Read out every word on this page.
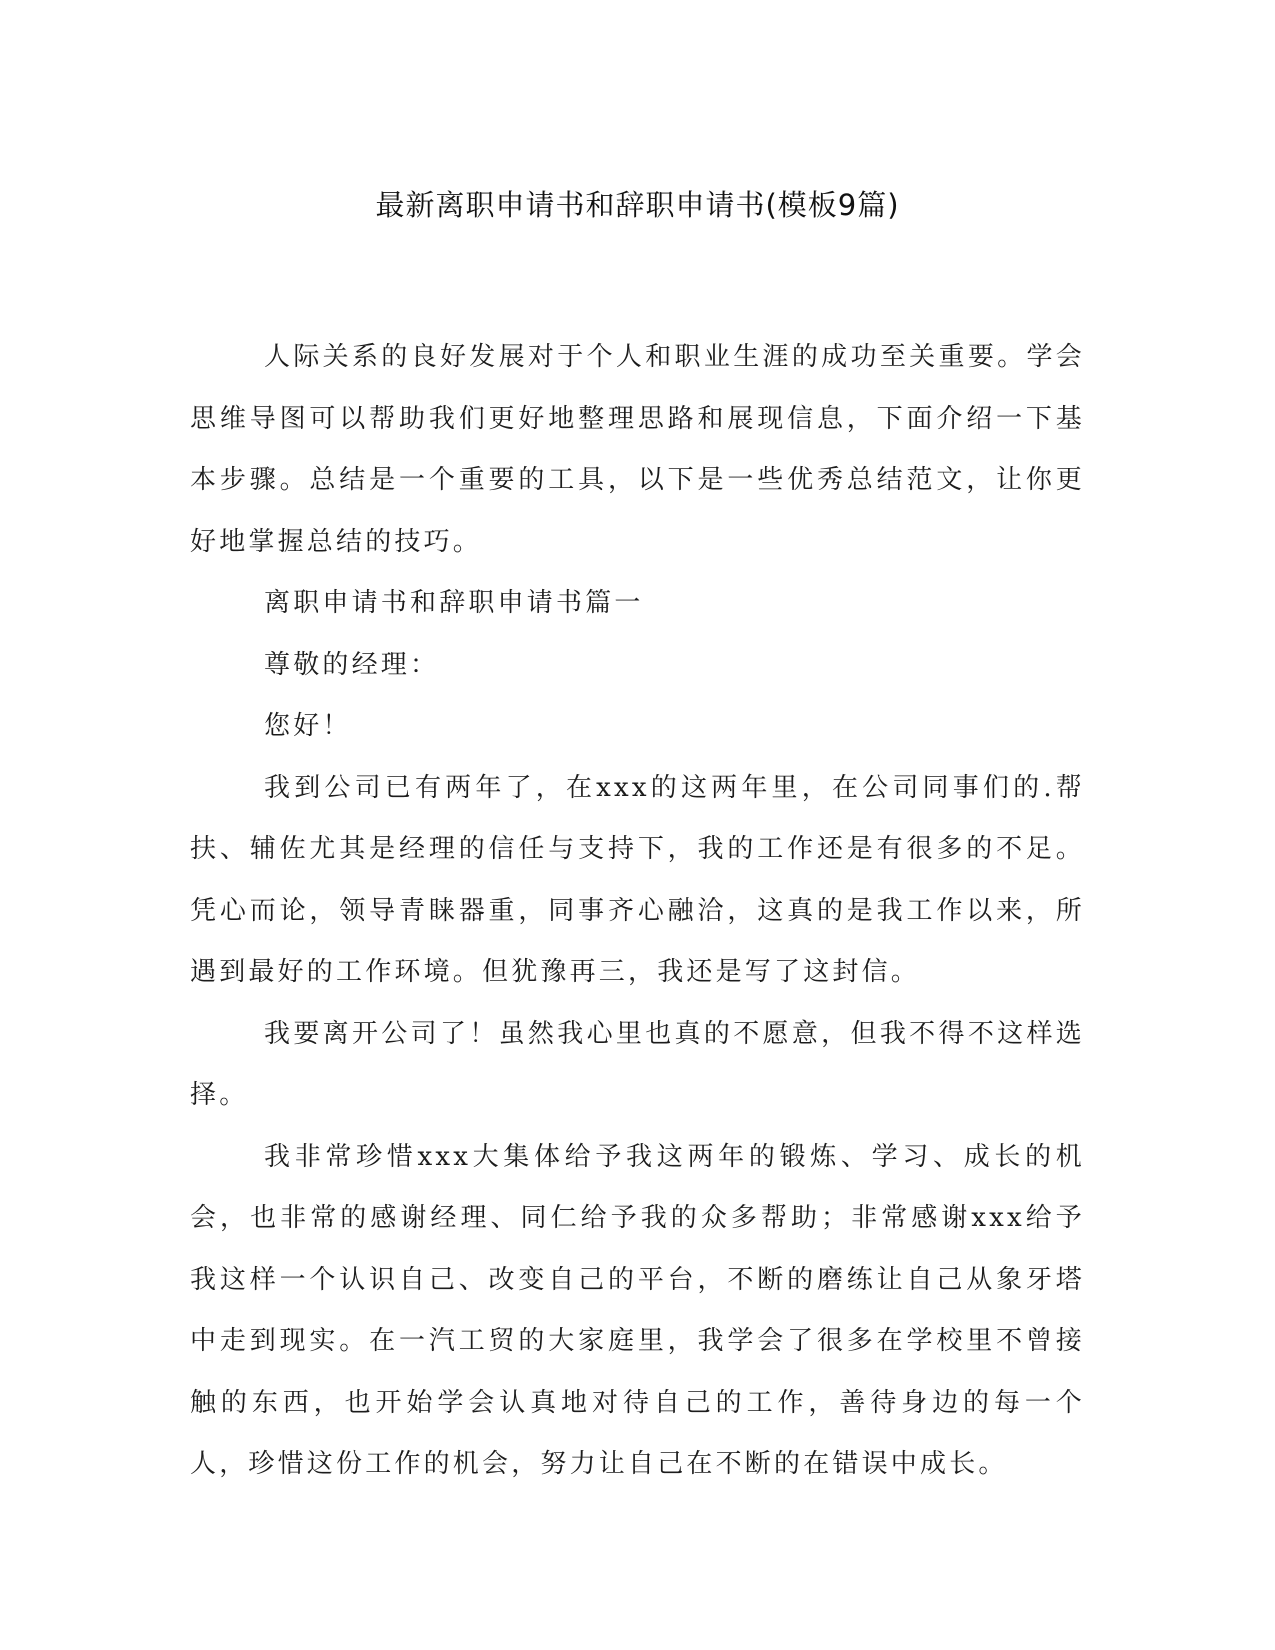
最新离职申请书和辞职申请书(模板9篇)

人际关系的良好发展对于个人和职业生涯的成功至关重要。学会思维导图可以帮助我们更好地整理思路和展现信息，下面介绍一下基本步骤。总结是一个重要的工具，以下是一些优秀总结范文，让你更好地掌握总结的技巧。

离职申请书和辞职申请书篇一

尊敬的经理：

您好！

我到公司已有两年了，在xxx的这两年里，在公司同事们的.帮扶、辅佐尤其是经理的信任与支持下，我的工作还是有很多的不足。凭心而论，领导青睐器重，同事齐心融洽，这真的是我工作以来，所遇到最好的工作环境。但犹豫再三，我还是写了这封信。

我要离开公司了！虽然我心里也真的不愿意，但我不得不这样选择。

我非常珍惜xxx大集体给予我这两年的锻炼、学习、成长的机会，也非常的感谢经理、同仁给予我的众多帮助；非常感谢xxx给予我这样一个认识自己、改变自己的平台，不断的磨练让自己从象牙塔中走到现实。在一汽工贸的大家庭里，我学会了很多在学校里不曾接触的东西，也开始学会认真地对待自己的工作，善待身边的每一个人，珍惜这份工作的机会，努力让自己在不断的在错误中成长。
